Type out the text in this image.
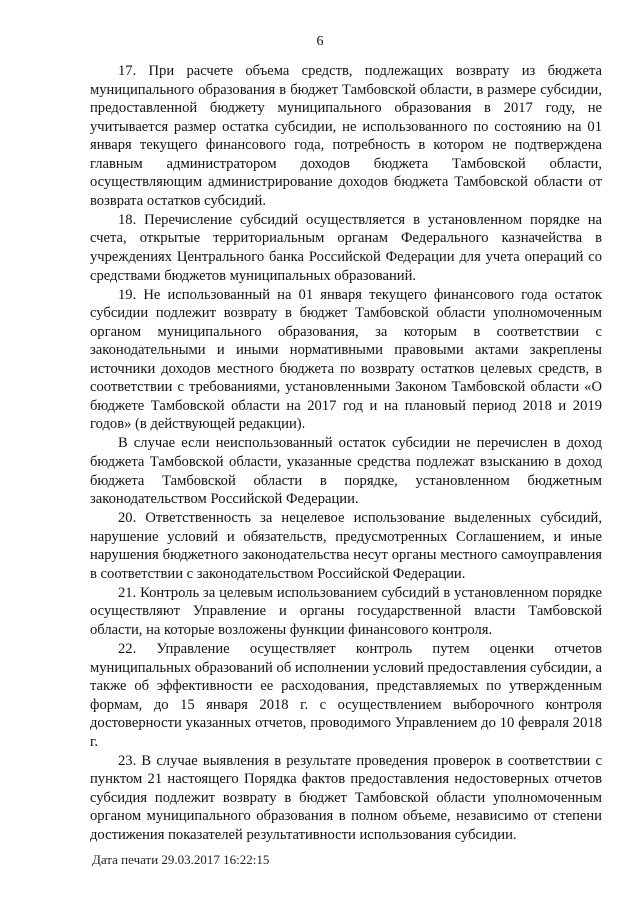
6

17. При расчете объема средств, подлежащих возврату из бюджета муниципального образования в бюджет Тамбовской области, в размере субсидии, предоставленной бюджету муниципального образования в 2017 году, не учитывается размер остатка субсидии, не использованного по состоянию на 01 января текущего финансового года, потребность в котором не подтверждена главным администратором доходов бюджета Тамбовской области, осуществляющим администрирование доходов бюджета Тамбовской области от возврата остатков субсидий.

18. Перечисление субсидий осуществляется в установленном порядке на счета, открытые территориальным органам Федерального казначейства в учреждениях Центрального банка Российской Федерации для учета операций со средствами бюджетов муниципальных образований.

19. Не использованный на 01 января текущего финансового года остаток субсидии подлежит возврату в бюджет Тамбовской области уполномоченным органом муниципального образования, за которым в соответствии с законодательными и иными нормативными правовыми актами закреплены источники доходов местного бюджета по возврату остатков целевых средств, в соответствии с требованиями, установленными Законом Тамбовской области «О бюджете Тамбовской области на 2017 год и на плановый период 2018 и 2019 годов» (в действующей редакции).

В случае если неиспользованный остаток субсидии не перечислен в доход бюджета Тамбовской области, указанные средства подлежат взысканию в доход бюджета Тамбовской области в порядке, установленном бюджетным законодательством Российской Федерации.

20. Ответственность за нецелевое использование выделенных субсидий, нарушение условий и обязательств, предусмотренных Соглашением, и иные нарушения бюджетного законодательства несут органы местного самоуправления в соответствии с законодательством Российской Федерации.

21. Контроль за целевым использованием субсидий в установленном порядке осуществляют Управление и органы государственной власти Тамбовской области, на которые возложены функции финансового контроля.

22. Управление осуществляет контроль путем оценки отчетов муниципальных образований об исполнении условий предоставления субсидии, а также об эффективности ее расходования, представляемых по утвержденным формам, до 15 января 2018 г. с осуществлением выборочного контроля достоверности указанных отчетов, проводимого Управлением до 10 февраля 2018 г.

23. В случае выявления в результате проведения проверок в соответствии с пунктом 21 настоящего Порядка фактов предоставления недостоверных отчетов субсидия подлежит возврату в бюджет Тамбовской области уполномоченным органом муниципального образования в полном объеме, независимо от степени достижения показателей результативности использования субсидии.

Дата печати 29.03.2017 16:22:15
